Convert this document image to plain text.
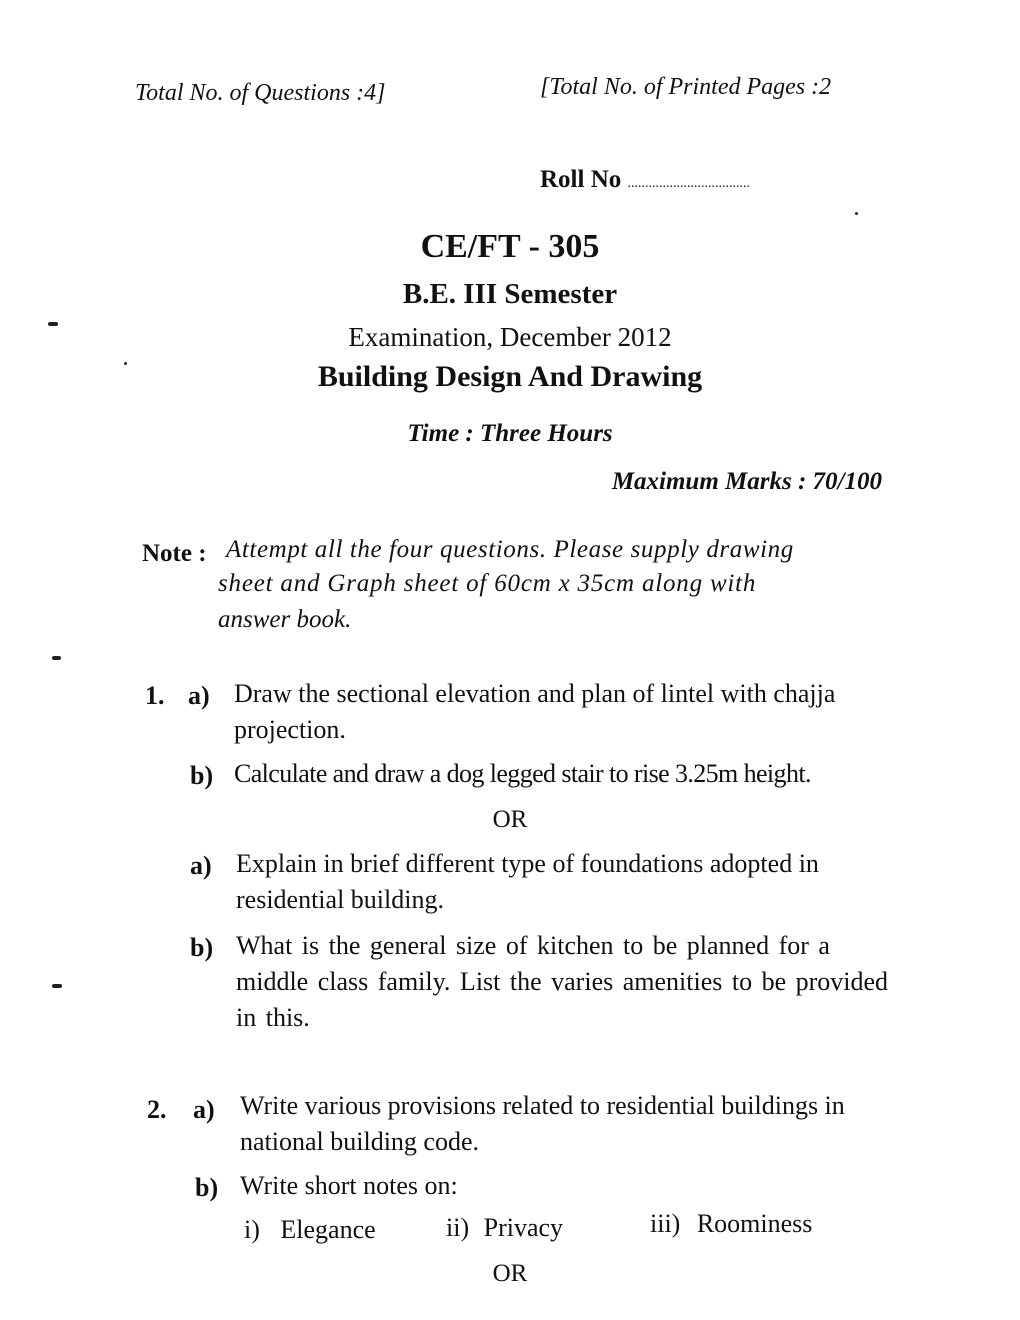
Total No. of Questions :4]	[Total No. of Printed Pages :2
Roll No ...................................
CE/FT - 305
B.E. III Semester
Examination, December 2012
Building Design And Drawing
Time : Three Hours
Maximum Marks : 70/100
Note : Attempt all the four questions. Please supply drawing
sheet and Graph sheet of 60cm x 35cm along with
answer book.
1. a) Draw the sectional elevation and plan of lintel with chajja projection.
b) Calculate and draw a dog legged stair to rise 3.25m height.
OR
a) Explain in brief different type of foundations adopted in residential building.
b) What is the general size of kitchen to be planned for a middle class family. List the varies amenities to be provided in this.
2. a) Write various provisions related to residential buildings in national building code.
b) Write short notes on:
i) Elegance	ii) Privacy	iii) Roominess
OR
